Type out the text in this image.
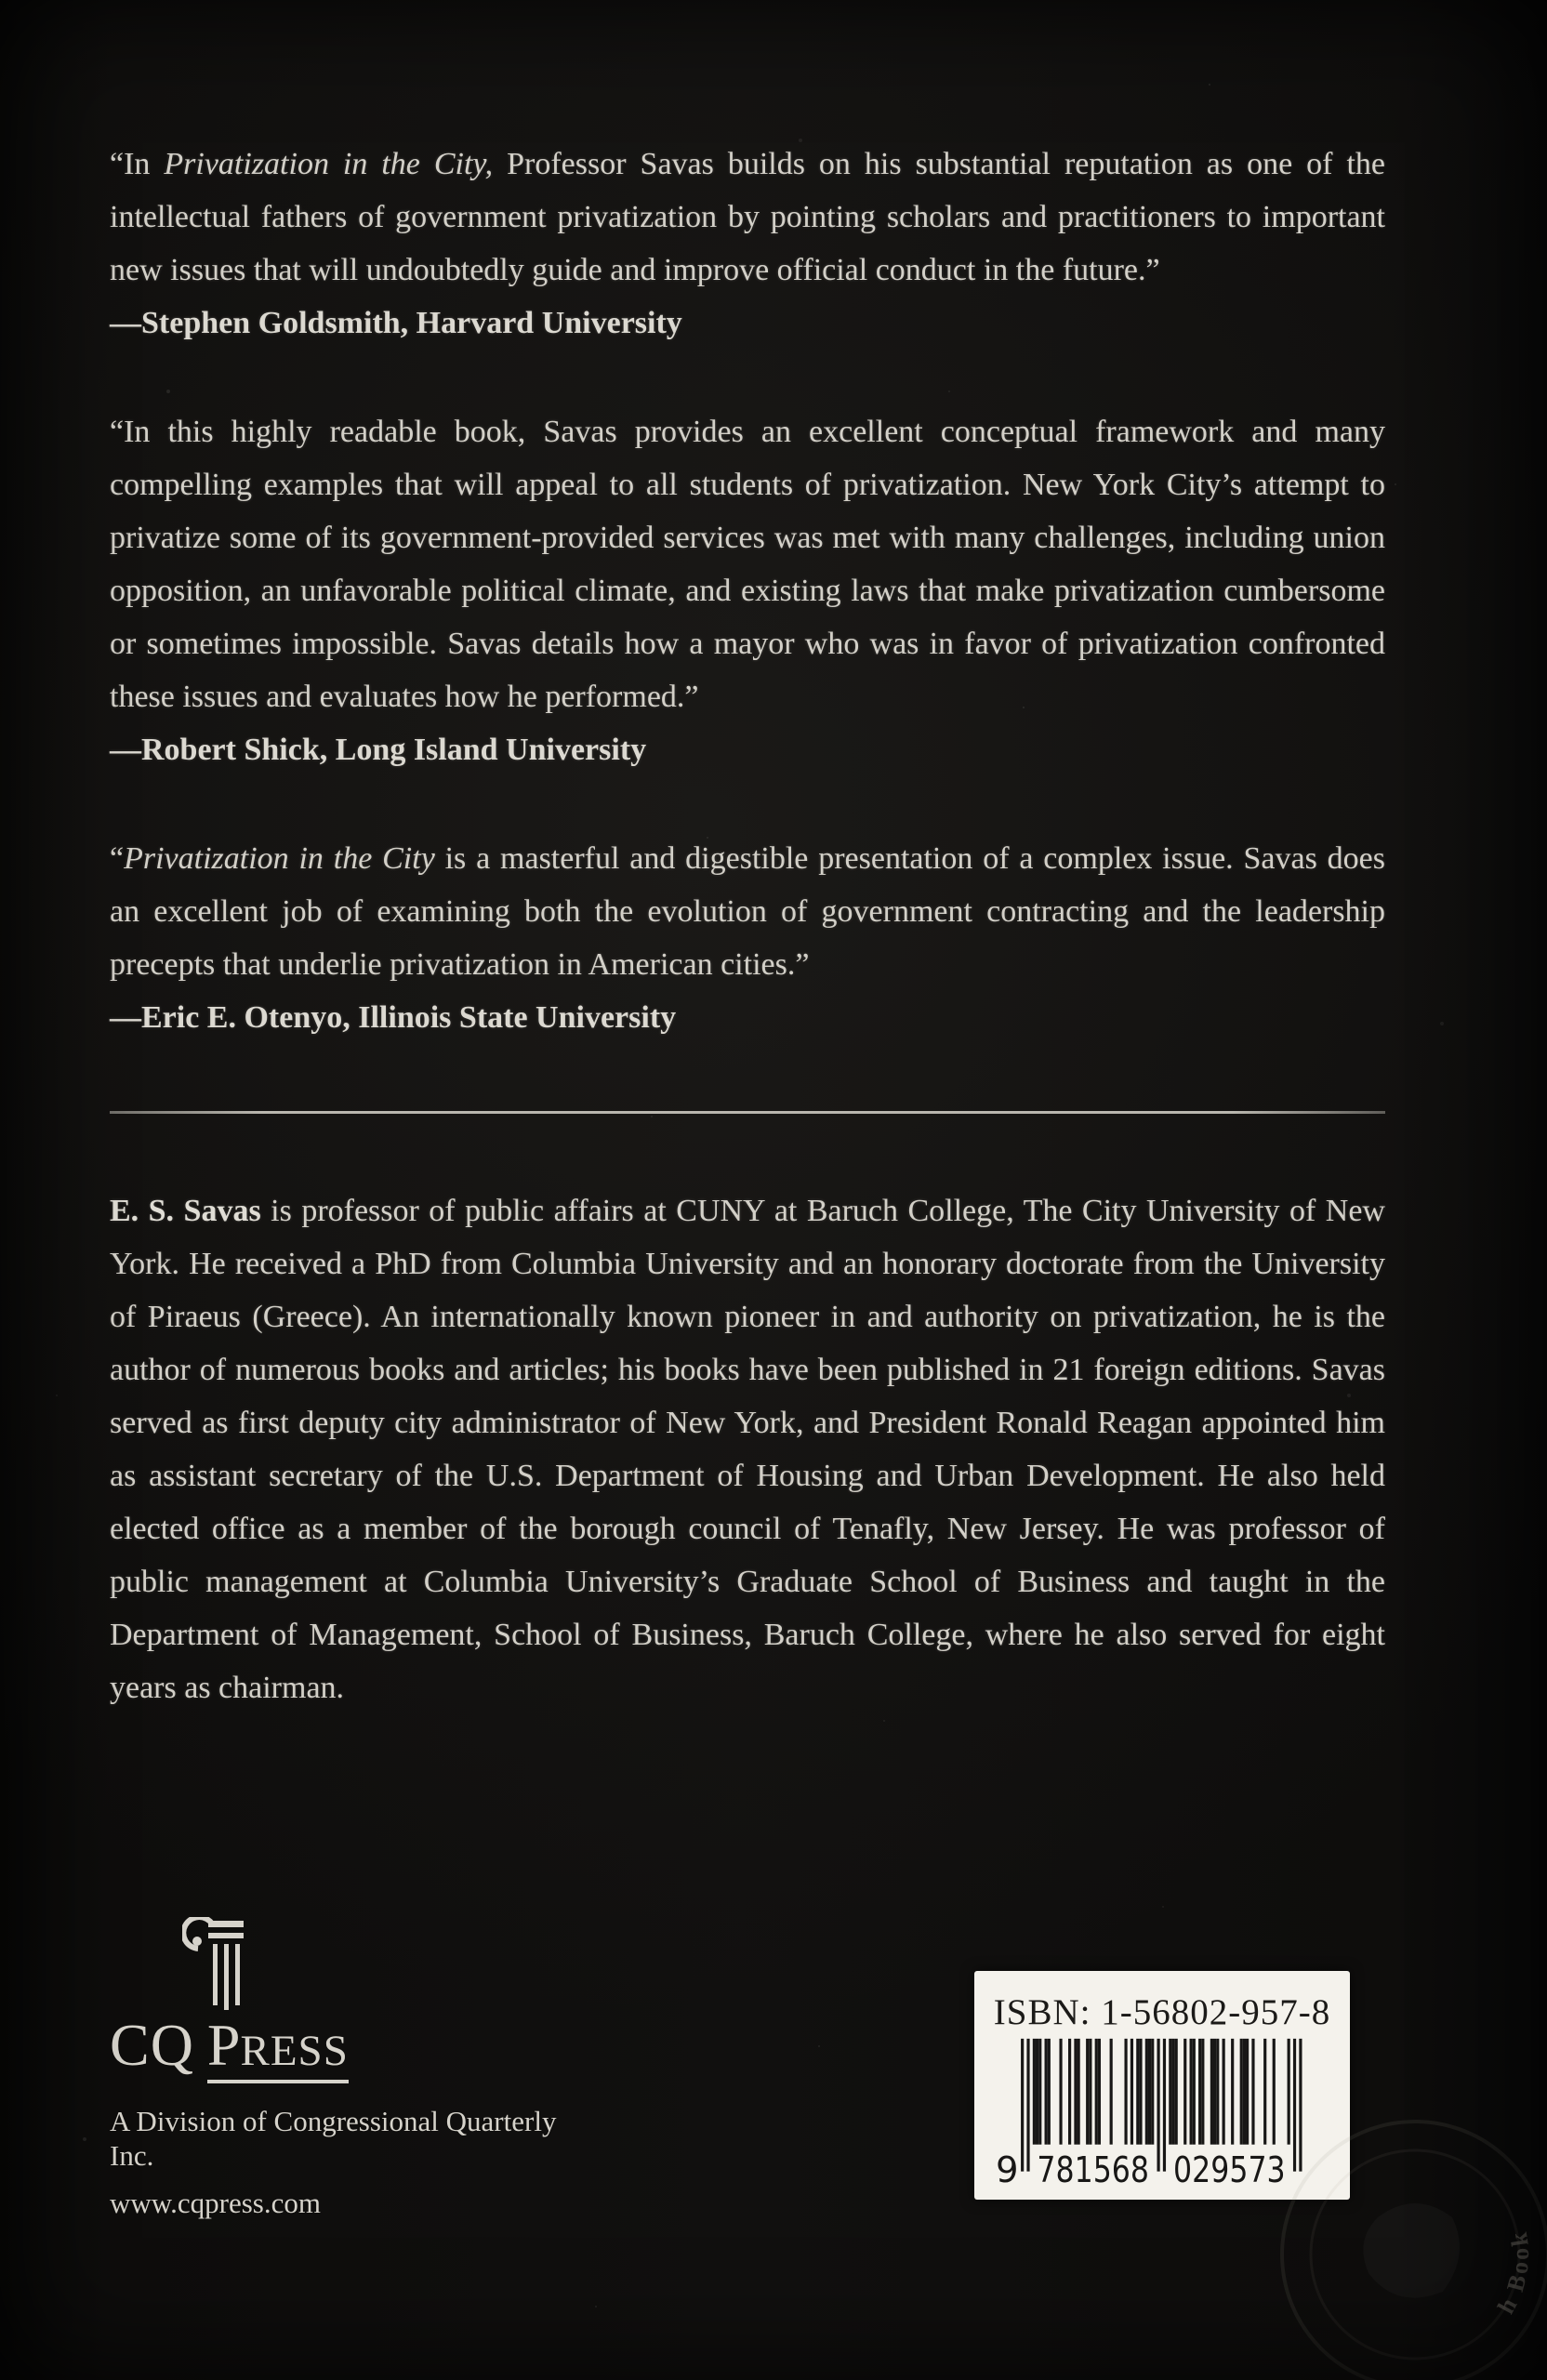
“In Privatization in the City, Professor Savas builds on his substantial reputation as one of the intellectual fathers of government privatization by pointing scholars and practitioners to important new issues that will undoubtedly guide and improve official conduct in the future.”

—Stephen Goldsmith, Harvard University

“In this highly readable book, Savas provides an excellent conceptual framework and many compelling examples that will appeal to all students of privatization. New York City’s attempt to privatize some of its government-provided services was met with many challenges, including union opposition, an unfavorable political climate, and existing laws that make privatization cumbersome or sometimes impossible. Savas details how a mayor who was in favor of privatization confronted these issues and evaluates how he performed.”

—Robert Shick, Long Island University

“Privatization in the City is a masterful and digestible presentation of a complex issue. Savas does an excellent job of examining both the evolution of government contracting and the leadership precepts that underlie privatization in American cities.”

—Eric E. Otenyo, Illinois State University

E. S. Savas is professor of public affairs at CUNY at Baruch College, The City University of New York. He received a PhD from Columbia University and an honorary doctorate from the University of Piraeus (Greece). An internationally known pioneer in and authority on privatization, he is the author of numerous books and articles; his books have been published in 21 foreign editions. Savas served as first deputy city administrator of New York, and President Ronald Reagan appointed him as assistant secretary of the U.S. Department of Housing and Urban Development. He also held elected office as a member of the borough council of Tenafly, New Jersey. He was professor of public management at Columbia University’s Graduate School of Business and taught in the Department of Management, School of Business, Baruch College, where he also served for eight years as chairman.

CQ PRESS
A Division of Congressional Quarterly Inc.
www.cqpress.com
ISBN: 1-56802-957-8
9 781568 029573
h Book
